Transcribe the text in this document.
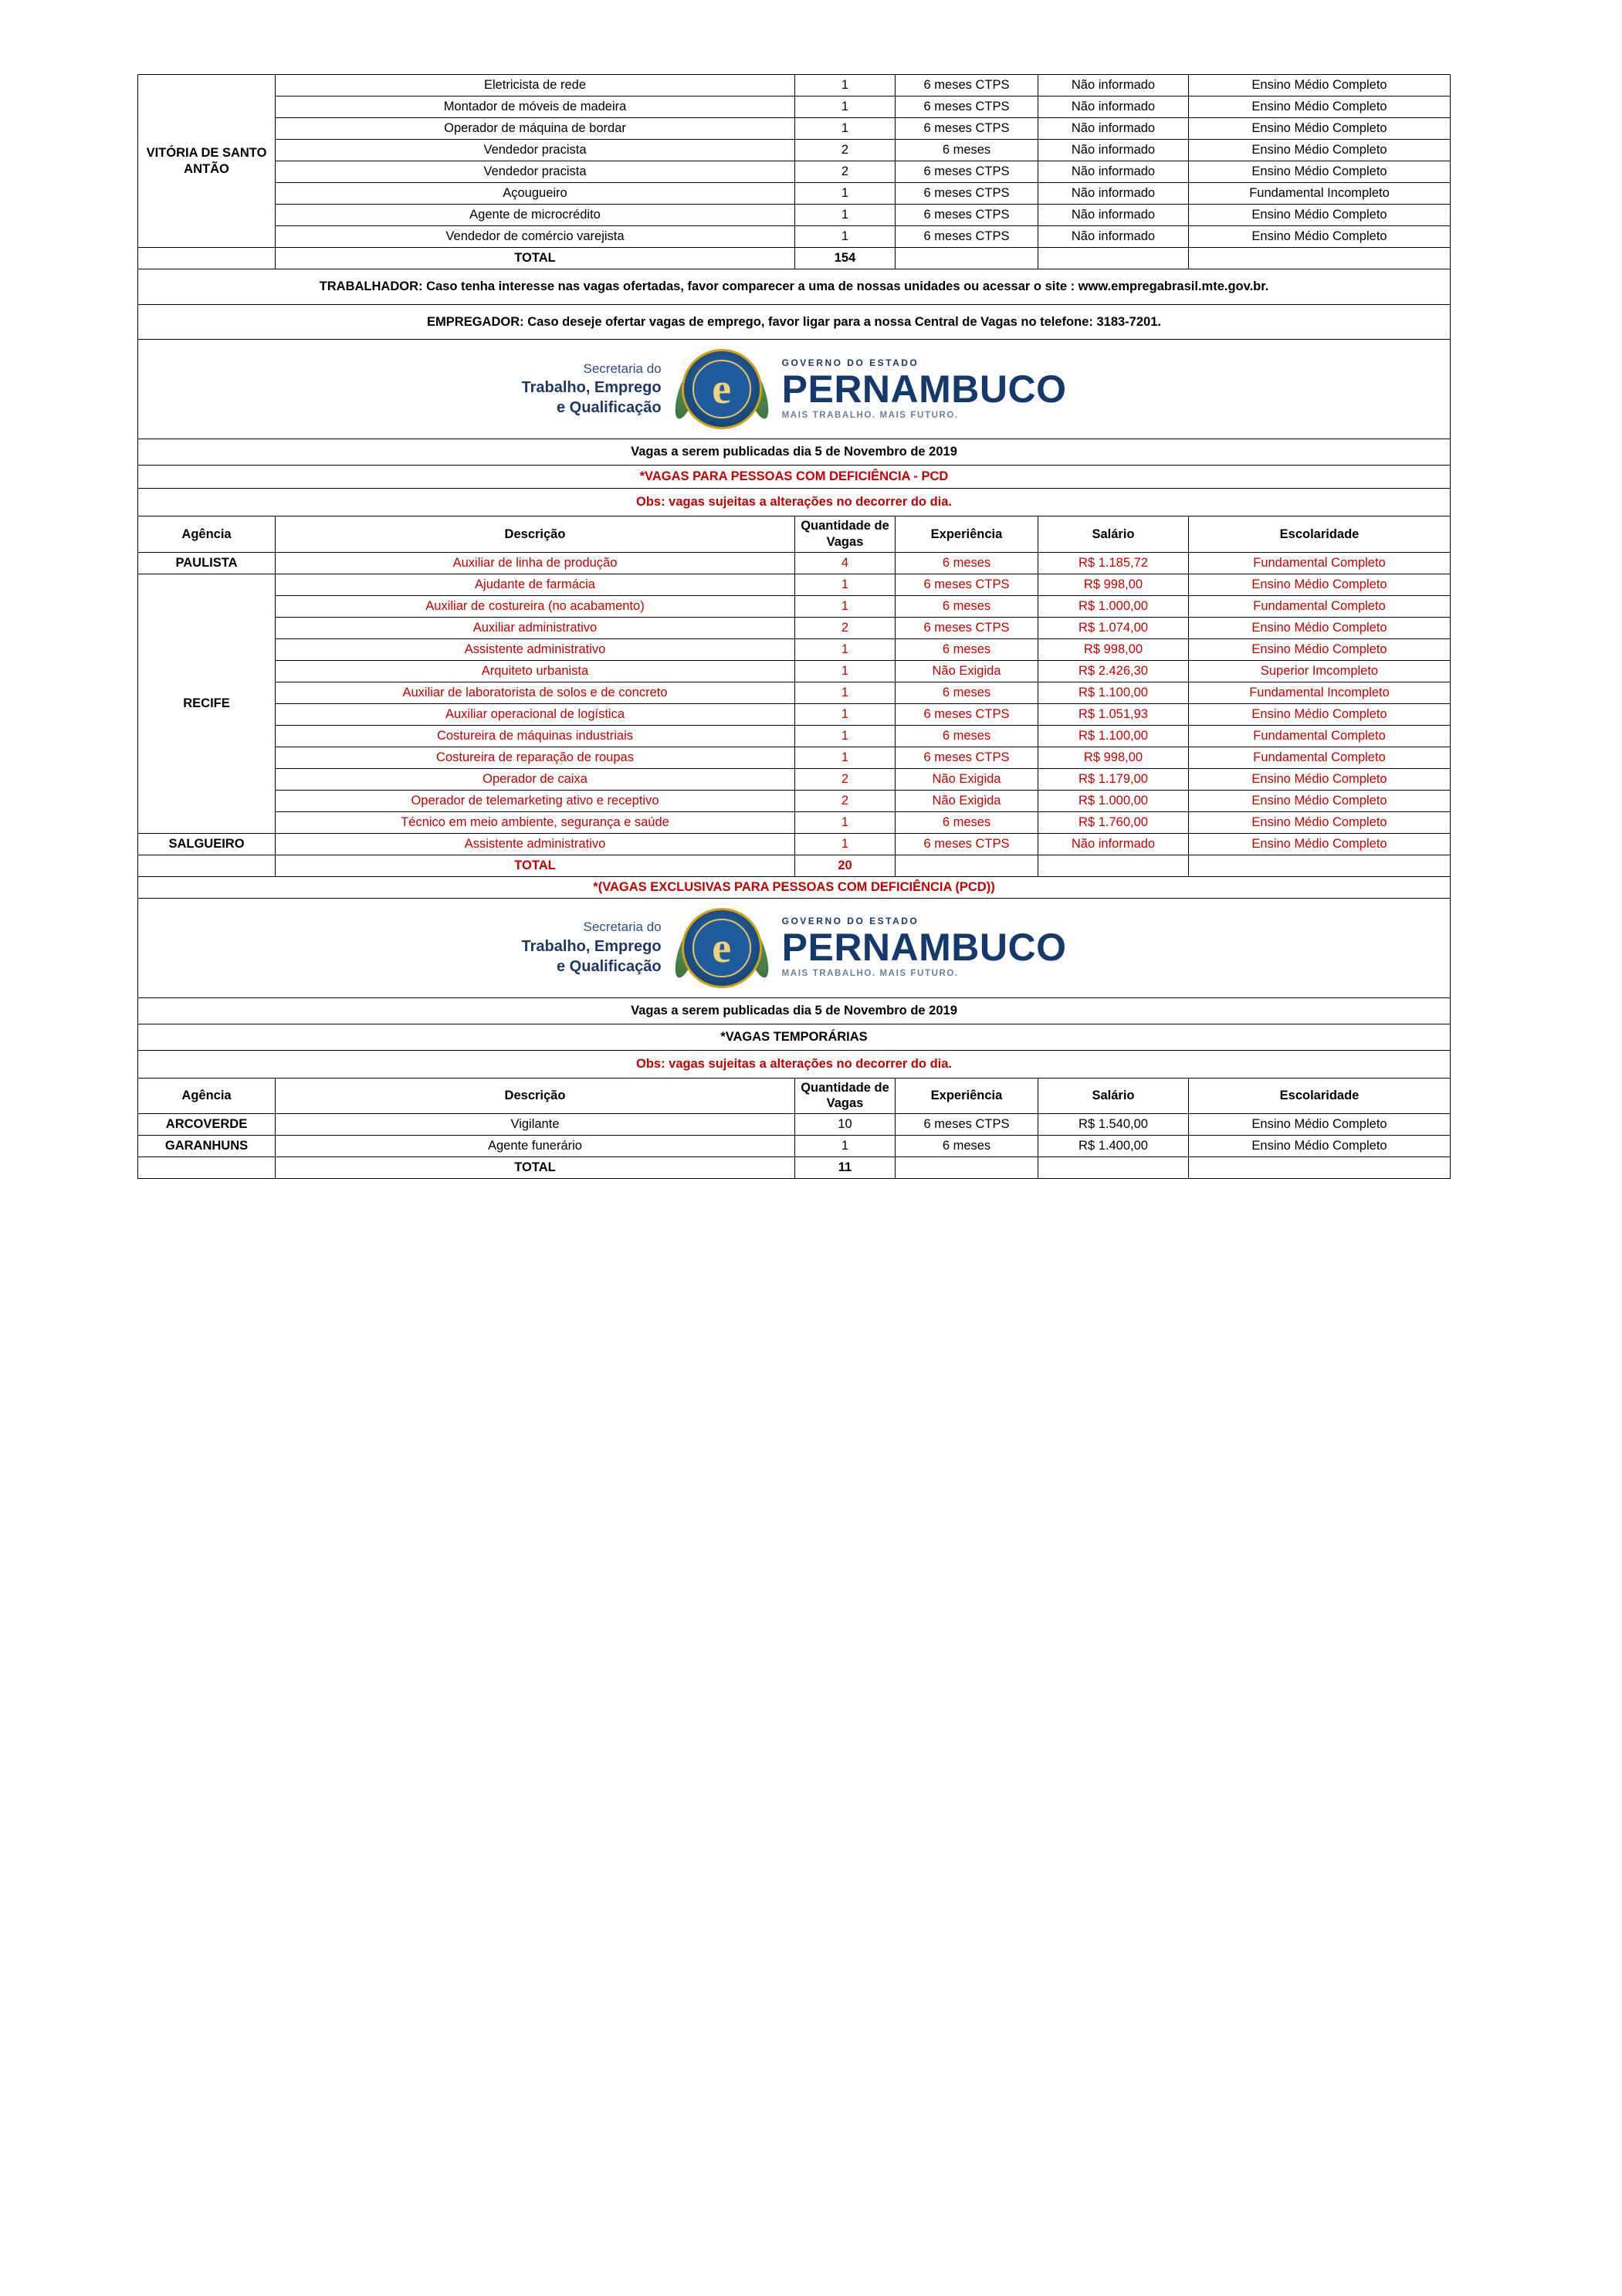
VITÓRIA DE SANTO ANTÃO	Eletricista de rede	1	6 meses CTPS	Não informado	Ensino Médio Completo
	Montador de móveis de madeira	1	6 meses CTPS	Não informado	Ensino Médio Completo
	Operador de máquina de bordar	1	6 meses CTPS	Não informado	Ensino Médio Completo
	Vendedor pracista	2	6 meses	Não informado	Ensino Médio Completo
	Vendedor pracista	2	6 meses CTPS	Não informado	Ensino Médio Completo
	Açougueiro	1	6 meses CTPS	Não informado	Fundamental Incompleto
	Agente de microcrédito	1	6 meses CTPS	Não informado	Ensino Médio Completo
	Vendedor de comércio varejista	1	6 meses CTPS	Não informado	Ensino Médio Completo
	TOTAL	154			
TRABALHADOR: Caso tenha interesse nas vagas ofertadas, favor comparecer a uma de nossas unidades ou acessar o site : www.empregabrasil.mte.gov.br.					
EMPREGADOR: Caso deseje ofertar vagas de emprego, favor ligar para a nossa Central de Vagas no telefone: 3183-7201.					

Secretaria do
Trabalho, Emprego
e Qualificação	e
GOVERNO DO ESTADO
PERNAMBUCO
MAIS TRABALHO. MAIS FUTURO.

Vagas a serem publicadas dia 5 de Novembro de 2019					
*VAGAS PARA PESSOAS COM DEFICIÊNCIA - PCD					
Obs: vagas sujeitas a alterações no decorrer do dia.					
Agência	Descrição	Quantidade de Vagas	Experiência	Salário	Escolaridade
PAULISTA	Auxiliar de linha de produção	4	6 meses	R$ 1.185,72	Fundamental Completo
RECIFE	Ajudante de farmácia	1	6 meses CTPS	R$ 998,00	Ensino Médio Completo
	Auxiliar de costureira (no acabamento)	1	6 meses	R$ 1.000,00	Fundamental Completo
	Auxiliar administrativo	2	6 meses CTPS	R$ 1.074,00	Ensino Médio Completo
	Assistente administrativo	1	6 meses	R$ 998,00	Ensino Médio Completo
	Arquiteto urbanista	1	Não Exigida	R$ 2.426,30	Superior Imcompleto
	Auxiliar de laboratorista de solos e de concreto	1	6 meses	R$ 1.100,00	Fundamental Incompleto
	Auxiliar operacional de logística	1	6 meses CTPS	R$ 1.051,93	Ensino Médio Completo
	Costureira de máquinas industriais	1	6 meses	R$ 1.100,00	Fundamental Completo
	Costureira de reparação de roupas	1	6 meses CTPS	R$ 998,00	Fundamental Completo
	Operador de caixa	2	Não Exigida	R$ 1.179,00	Ensino Médio Completo
	Operador de telemarketing ativo e receptivo	2	Não Exigida	R$ 1.000,00	Ensino Médio Completo
	Técnico em meio ambiente, segurança e saúde	1	6 meses	R$ 1.760,00	Ensino Médio Completo
SALGUEIRO	Assistente administrativo	1	6 meses CTPS	Não informado	Ensino Médio Completo
	TOTAL	20			
*(VAGAS EXCLUSIVAS PARA PESSOAS COM DEFICIÊNCIA (PCD))					

Secretaria do
Trabalho, Emprego
e Qualificação	e
GOVERNO DO ESTADO
PERNAMBUCO
MAIS TRABALHO. MAIS FUTURO.

Vagas a serem publicadas dia 5 de Novembro de 2019					
*VAGAS TEMPORÁRIAS					
Obs: vagas sujeitas a alterações no decorrer do dia.					
Agência	Descrição	Quantidade de Vagas	Experiência	Salário	Escolaridade
ARCOVERDE	Vigilante	10	6 meses CTPS	R$ 1.540,00	Ensino Médio Completo
GARANHUNS	Agente funerário	1	6 meses	R$ 1.400,00	Ensino Médio Completo
	TOTAL	11			
